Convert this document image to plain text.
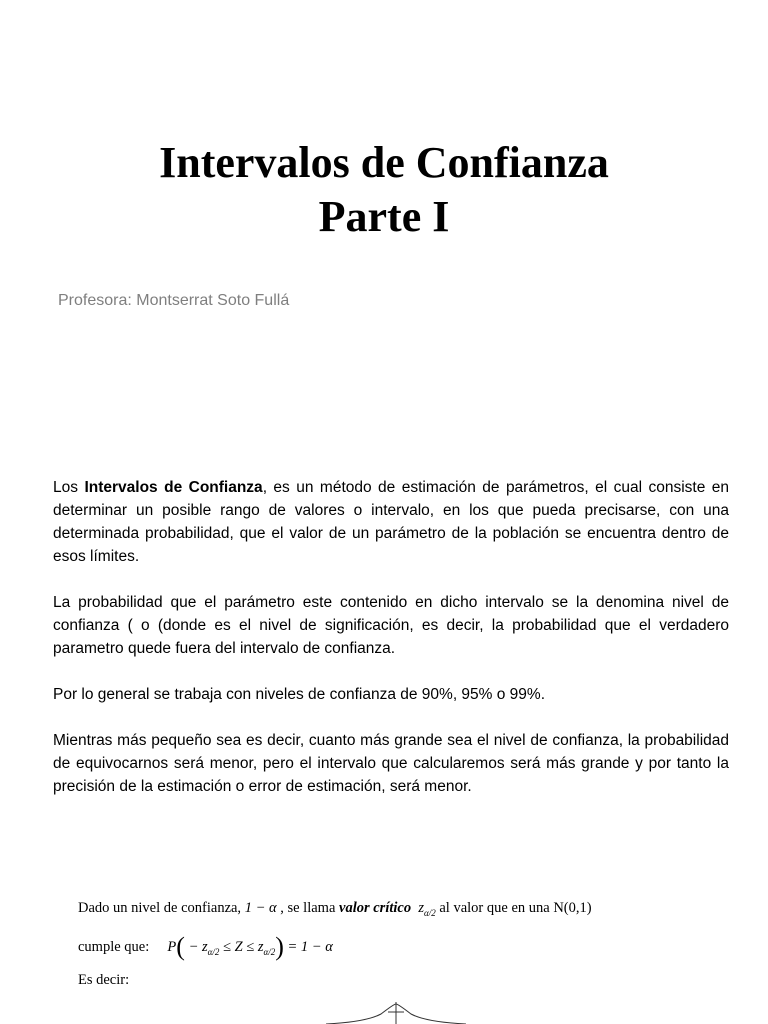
Intervalos de Confianza
Parte I
Profesora: Montserrat Soto Fullá

Los Intervalos de Confianza, es un método de estimación de parámetros, el cual consiste en determinar un posible rango de valores o intervalo, en los que pueda precisarse, con una determinada probabilidad, que el valor de un parámetro de la población se encuentra dentro de esos límites.

La probabilidad que el parámetro este contenido en dicho intervalo se la denomina nivel de confianza ( o (donde es el nivel de significación, es decir, la probabilidad que el verdadero parametro quede fuera del intervalo de confianza.

Por lo general se trabaja con niveles de confianza de 90%, 95% o 99%.

Mientras más pequeño sea es decir, cuanto más grande sea el nivel de confianza, la probabilidad de equivocarnos será menor, pero el intervalo que calcularemos será más grande y por tanto la precisión de la estimación o error de estimación, será menor.

Dado un nivel de confianza, 1 − α , se llama valor crítico $z_{\alpha/2}$ al valor que en una N(0,1)
cumple que: $P( - z_{\alpha/2} \le Z \le z_{\alpha/2}) = 1 - \alpha$
Es decir:
